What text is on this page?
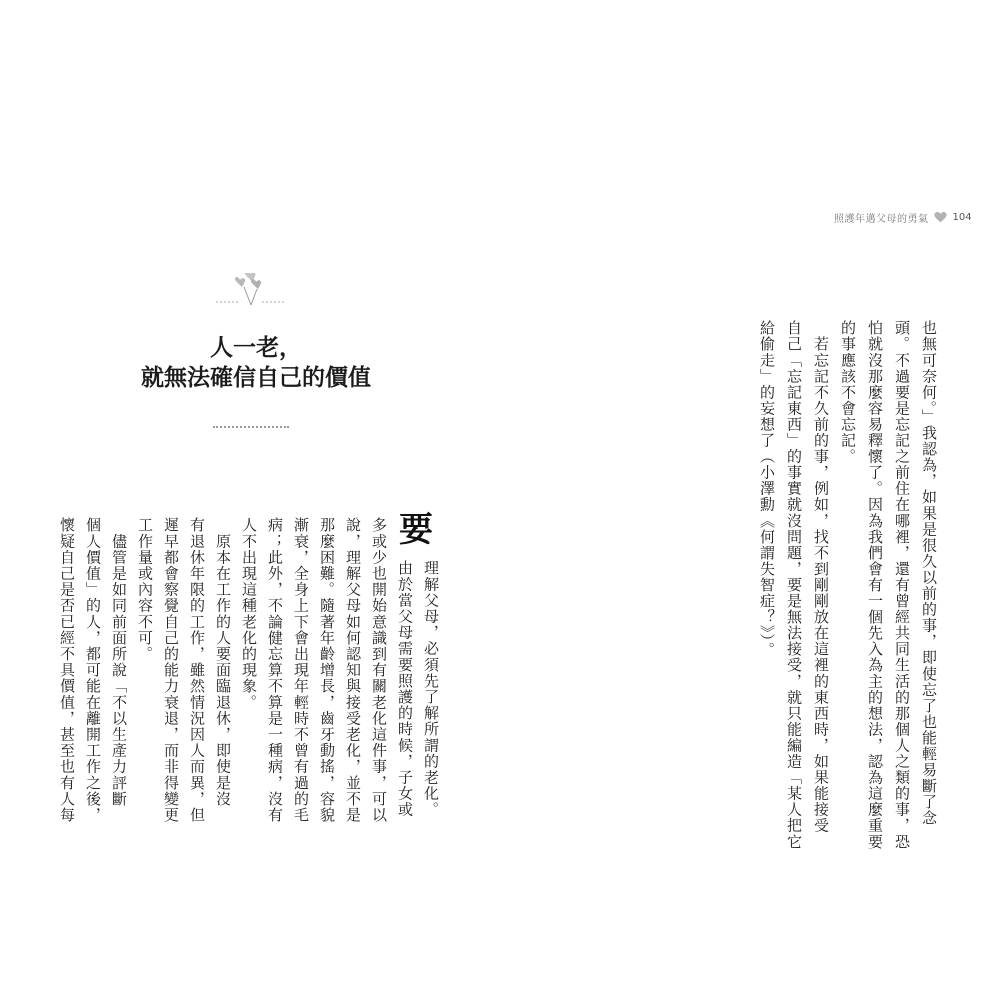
照護年邁父母的勇氣 104
人一老，
就無法確信自己的價值	也無可奈何。」我認為，如果是很久以前的事，即使忘了也能輕易斷了念
頭。不過要是忘記之前住在哪裡，還有曾經共同生活的那個人之類的事，恐
怕就沒那麼容易釋懷了。因為我們會有一個先入為主的想法，認為這麼重要
的事應該不會忘記。
　若忘記不久前的事，例如，找不到剛剛放在這裡的東西時，如果能接受
自己「忘記東西」的事實就沒問題，要是無法接受，就只能編造「某人把它
給偷走」的妄想了（小澤勳《何謂失智症？》）。
要
理解父母，必須先了解所謂的老化。
由於當父母需要照護的時候，子女或
多或少也開始意識到有關老化這件事，可以
說，理解父母如何認知與接受老化，並不是
那麼困難。隨著年齡增長，齒牙動搖，容貌
漸衰，全身上下會出現年輕時不曾有過的毛
病；此外，不論健忘算不算是一種病，沒有
人不出現這種老化的現象。
　原本在工作的人要面臨退休，即使是沒
有退休年限的工作，雖然情況因人而異，但
遲早都會察覺自己的能力衰退，而非得變更
工作量或內容不可。
　儘管是如同前面所說「不以生產力評斷
個人價值」的人，都可能在離開工作之後，
懷疑自己是否已經不具價值，甚至也有人每
